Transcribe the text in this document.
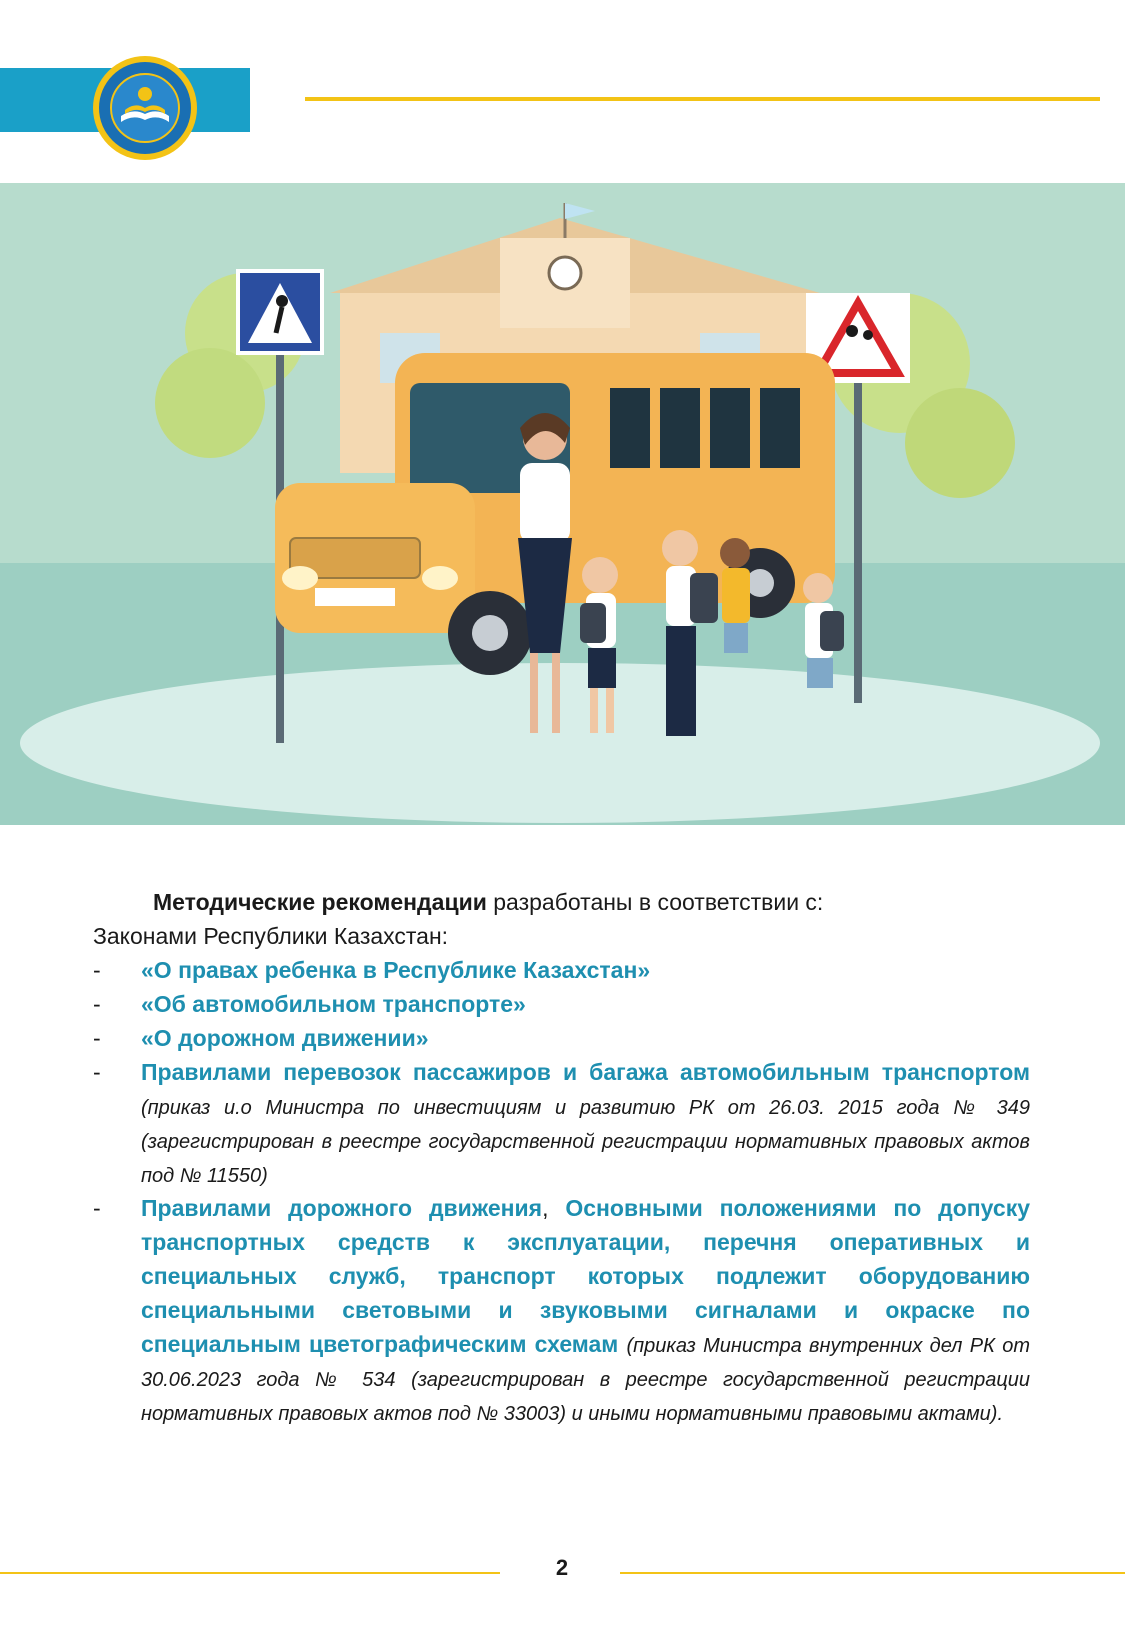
Методические рекомендации разработаны в соответствии с:

Законами Республики Казахстан:

- «О правах ребенка в Республике Казахстан»
- «Об автомобильном транспорте»
- «О дорожном движении»
- Правилами перевозок пассажиров и багажа автомобильным транспортом (приказ и.о Министра по инвестициям и развитию РК от 26.03. 2015 года № 349 (зарегистрирован в реестре государственной регистрации нормативных правовых актов под № 11550)
- Правилами дорожного движения, Основными положениями по допуску транспортных средств к эксплуатации, перечня оперативных и специальных служб, транспорт которых подлежит оборудованию специальными световыми и звуковыми сигналами и окраске по специальным цветографическим схемам (приказ Министра внутренних дел РК от 30.06.2023 года № 534 (зарегистрирован в реестре государственной регистрации нормативных правовых актов под № 33003) и иными нормативными правовыми актами).
2
